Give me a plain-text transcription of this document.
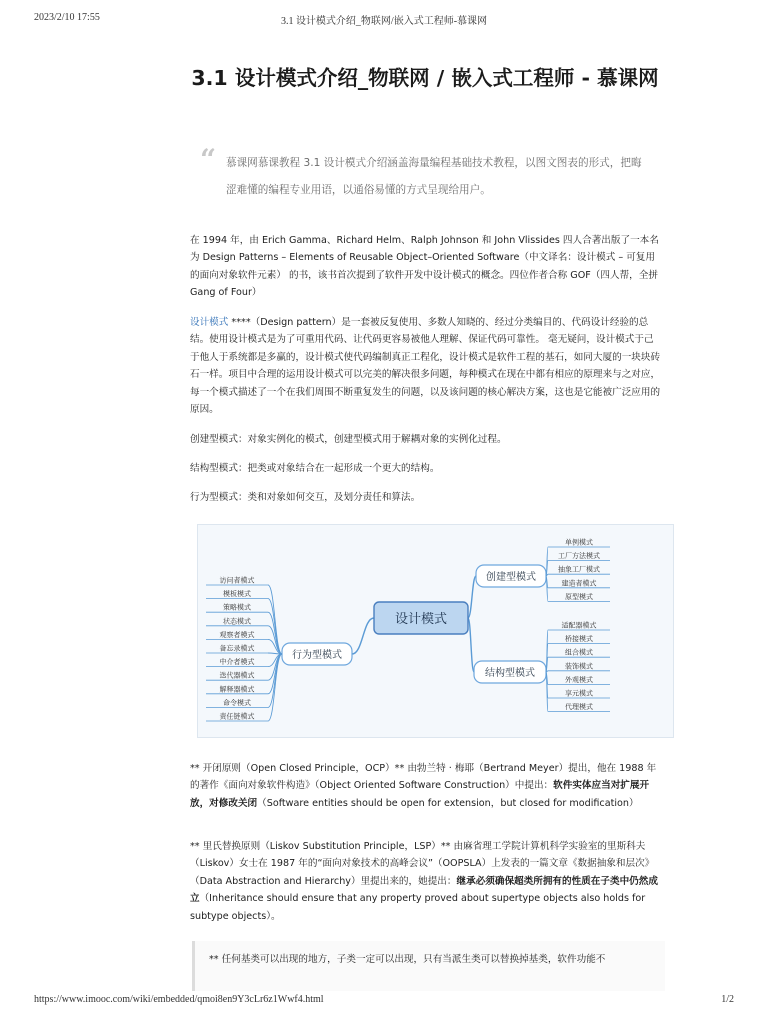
2023/2/10 17:55	3.1 设计模式介绍_物联网/嵌入式工程师-慕课网
3.1 设计模式介绍_物联网 / 嵌入式工程师 - 慕课网
“ 慕课网慕课教程 3.1 设计模式介绍涵盖海量编程基础技术教程，以图文图表的形式，把晦涩难懂的编程专业用语，以通俗易懂的方式呈现给用户。

在 1994 年，由 Erich Gamma、Richard Helm、Ralph Johnson 和 John Vlissides 四人合著出版了一本名为 Design Patterns – Elements of Reusable Object–Oriented Software（中文译名：设计模式 – 可复用的面向对象软件元素） 的书，该书首次提到了软件开发中设计模式的概念。四位作者合称 GOF（四人帮，全拼 Gang of Four）

设计模式 ****（Design pattern）是一套被反复使用、多数人知晓的、经过分类编目的、代码设计经验的总结。使用设计模式是为了可重用代码、让代码更容易被他人理解、保证代码可靠性。 毫无疑问，设计模式于己于他人于系统都是多赢的，设计模式使代码编制真正工程化，设计模式是软件工程的基石，如同大厦的一块块砖石一样。项目中合理的运用设计模式可以完美的解决很多问题，每种模式在现在中都有相应的原理来与之对应，每一个模式描述了一个在我们周围不断重复发生的问题，以及该问题的核心解决方案，这也是它能被广泛应用的原因。

创建型模式：对象实例化的模式，创建型模式用于解耦对象的实例化过程。

结构型模式：把类或对象结合在一起形成一个更大的结构。

行为型模式：类和对象如何交互，及划分责任和算法。

创建型模式
单例模式
工厂方法模式
抽象工厂模式
建造者模式
原型模式
结构型模式
适配器模式
桥接模式
组合模式
装饰模式
外观模式
享元模式
代理模式
行为型模式
访问者模式
模板模式
策略模式
状态模式
观察者模式
备忘录模式
中介者模式
迭代器模式
解释器模式
命令模式
责任链模式
设计模式

** 开闭原则（Open Closed Principle，OCP）** 由勃兰特 · 梅耶（Bertrand Meyer）提出，他在 1988 年的著作《面向对象软件构造》（Object Oriented Software Construction）中提出：软件实体应当对扩展开放，对修改关闭（Software entities should be open for extension，but closed for modification）

** 里氏替换原则（Liskov Substitution Principle，LSP）** 由麻省理工学院计算机科学实验室的里斯科夫（Liskov）女士在 1987 年的“面向对象技术的高峰会议”（OOPSLA）上发表的一篇文章《数据抽象和层次》（Data Abstraction and Hierarchy）里提出来的，她提出：继承必须确保超类所拥有的性质在子类中仍然成立（Inheritance should ensure that any property proved about supertype objects also holds for subtype objects）。

** 任何基类可以出现的地方，子类一定可以出现，只有当派生类可以替换掉基类，软件功能不

https://www.imooc.com/wiki/embedded/qmoi8en9Y3cLr6z1Wwf4.html	1/2
